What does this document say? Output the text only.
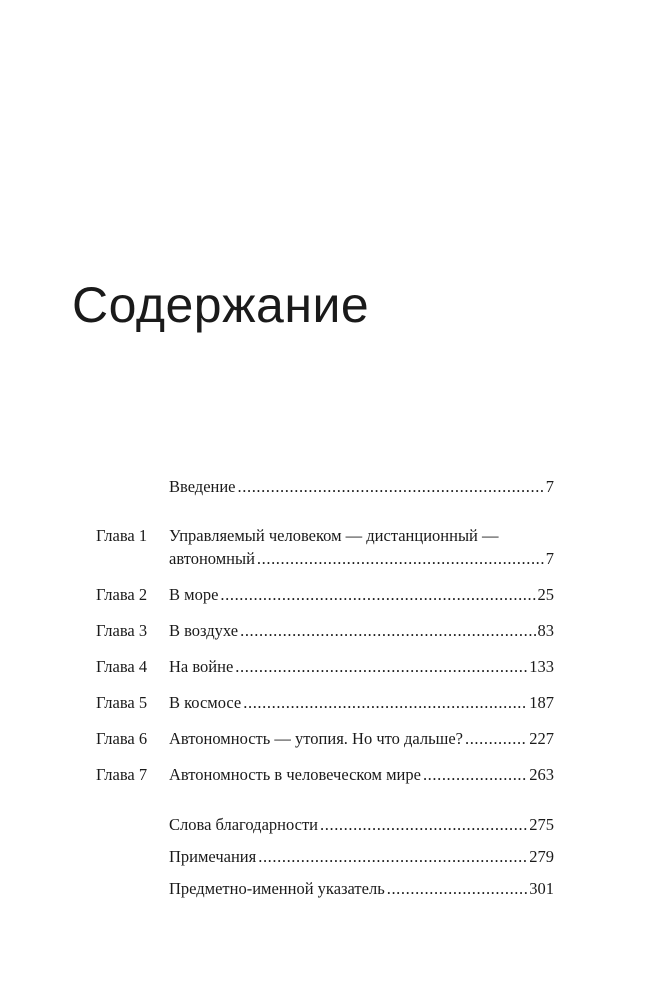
Содержание
Введение .....	7
Глава 1 Управляемый человеком — дистанционный —
автономный .....	7
Глава 2 В море .....	25
Глава 3 В воздухе .....	83
Глава 4 На войне .....	133
Глава 5 В космосе .....	187
Глава 6 Автономность — утопия. Но что дальше? .....	227
Глава 7 Автономность в человеческом мире .....	263
Слова благодарности .....	275
Примечания .....	279
Предметно-именной указатель .....	301
